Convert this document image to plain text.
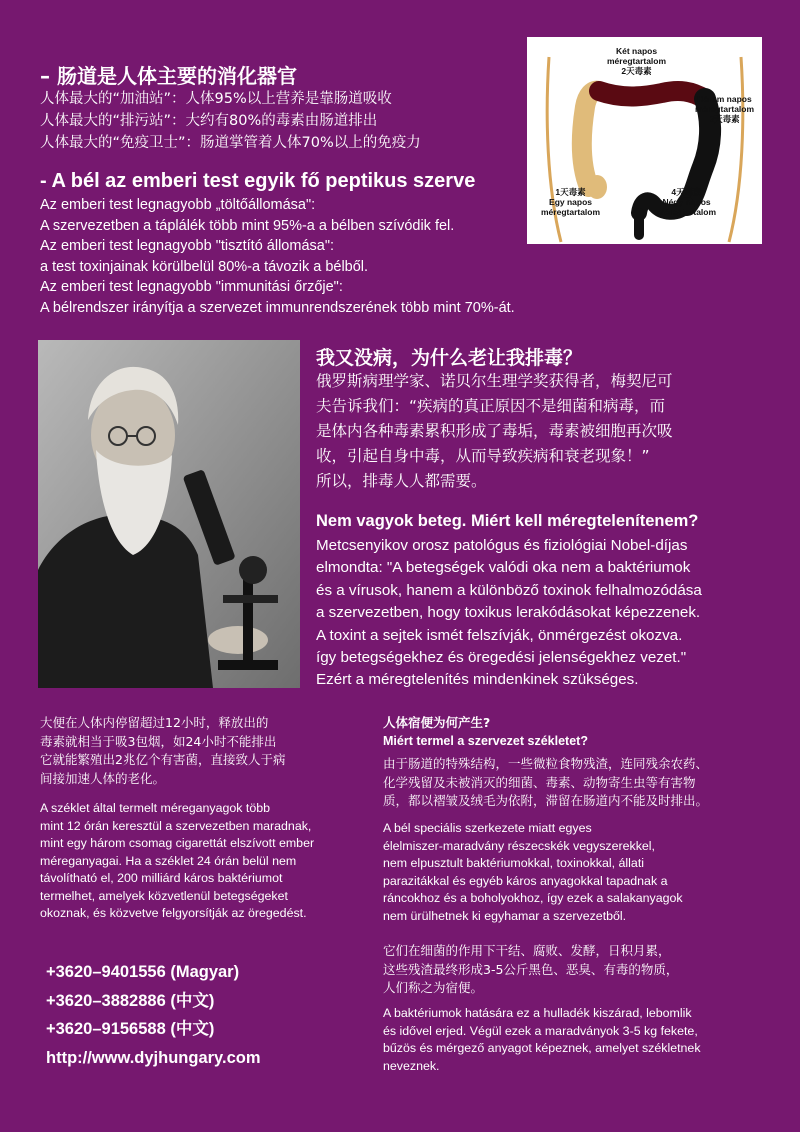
– 肠道是人体主要的消化器官
人体最大的“加油站”：人体95%以上营养是靠肠道吸收
人体最大的“排污站”：大约有80%的毒素由肠道排出
人体最大的“免疫卫士”：肠道掌管着人体70%以上的免疫力
- A bél az emberi test egyik fő peptikus szerve
Az emberi test legnagyobb „töltőállomása":
A szervezetben a táplálék több mint 95%-a a bélben szívódik fel.
Az emberi test legnagyobb "tisztító állomása":
a test toxinjainak körülbelül 80%-a távozik a bélből.
Az emberi test legnagyobb "immunitási őrzője":
A bélrendszer irányítja a szervezet immunrendszerének több mint 70%-át.
Két napos
méregtartalom
2天毒素
Három napos
méregtartalom
3天毒素
1天毒素
Egy napos
méregtartalom
4天毒素
Négy napos
méregtartalom
我又没病，为什么老让我排毒？
俄罗斯病理学家、诺贝尔生理学奖获得者，梅契尼可
夫告诉我们：“疾病的真正原因不是细菌和病毒，而
是体内各种毒素累积形成了毒垢，毒素被细胞再次吸
收，引起自身中毒，从而导致疾病和衰老现象！”
所以，排毒人人都需要。
Nem vagyok beteg. Miért kell méregtelenítenem?
Metcsenyikov orosz patológus és fiziológiai Nobel-díjas
elmondta: "A betegségek valódi oka nem a baktériumok
és a vírusok, hanem a különböző toxinok felhalmozódása
a szervezetben, hogy toxikus lerakódásokat képezzenek.
A toxint a sejtek ismét felszívják, önmérgezést okozva.
így betegségekhez és öregedési jelenségekhez vezet."
Ezért a méregtelenítés mindenkinek szükséges.
大便在人体内停留超过12小时，释放出的
毒素就相当于吸3包烟，如24小时不能排出
它就能繁殖出2兆亿个有害菌，直接致人于病
间接加速人体的老化。
A széklet által termelt méreganyagok több
mint 12 órán keresztül a szervezetben maradnak,
mint egy három csomag cigarettát elszívott ember
méreganyagai. Ha a széklet 24 órán belül nem
távolítható el, 200 milliárd káros baktériumot
termelhet, amelyek közvetlenül betegségeket
okoznak, és közvetve felgyorsítják az öregedést.
+3620–9401556 (Magyar)
+3620–3882886 (中文)
+3620–9156588 (中文)
http://www.dyjhungary.com
人体宿便为何产生?
Miért termel a szervezet székletet?
由于肠道的特殊结构，一些微粒食物残渣，连同残余农药、
化学残留及未被消灭的细菌、毒素、动物寄生虫等有害物
质，都以褶皱及绒毛为依附，滞留在肠道内不能及时排出。
A bél speciális szerkezete miatt egyes
élelmiszer-maradvány részecskék vegyszerekkel,
nem elpusztult baktériumokkal, toxinokkal, állati
parazitákkal és egyéb káros anyagokkal tapadnak a
ráncokhoz és a boholyokhoz, így ezek a salakanyagok
nem ürülhetnek ki egyhamar a szervezetből.
它们在细菌的作用下干结、腐败、发酵，日积月累，
这些残渣最终形成3-5公斤黑色、恶臭、有毒的物质，
人们称之为宿便。
A baktériumok hatására ez a hulladék kiszárad, lebomlik
és idővel erjed. Végül ezek a maradványok 3-5 kg fekete,
bűzös és mérgező anyagot képeznek, amelyet székletnek
neveznek.
